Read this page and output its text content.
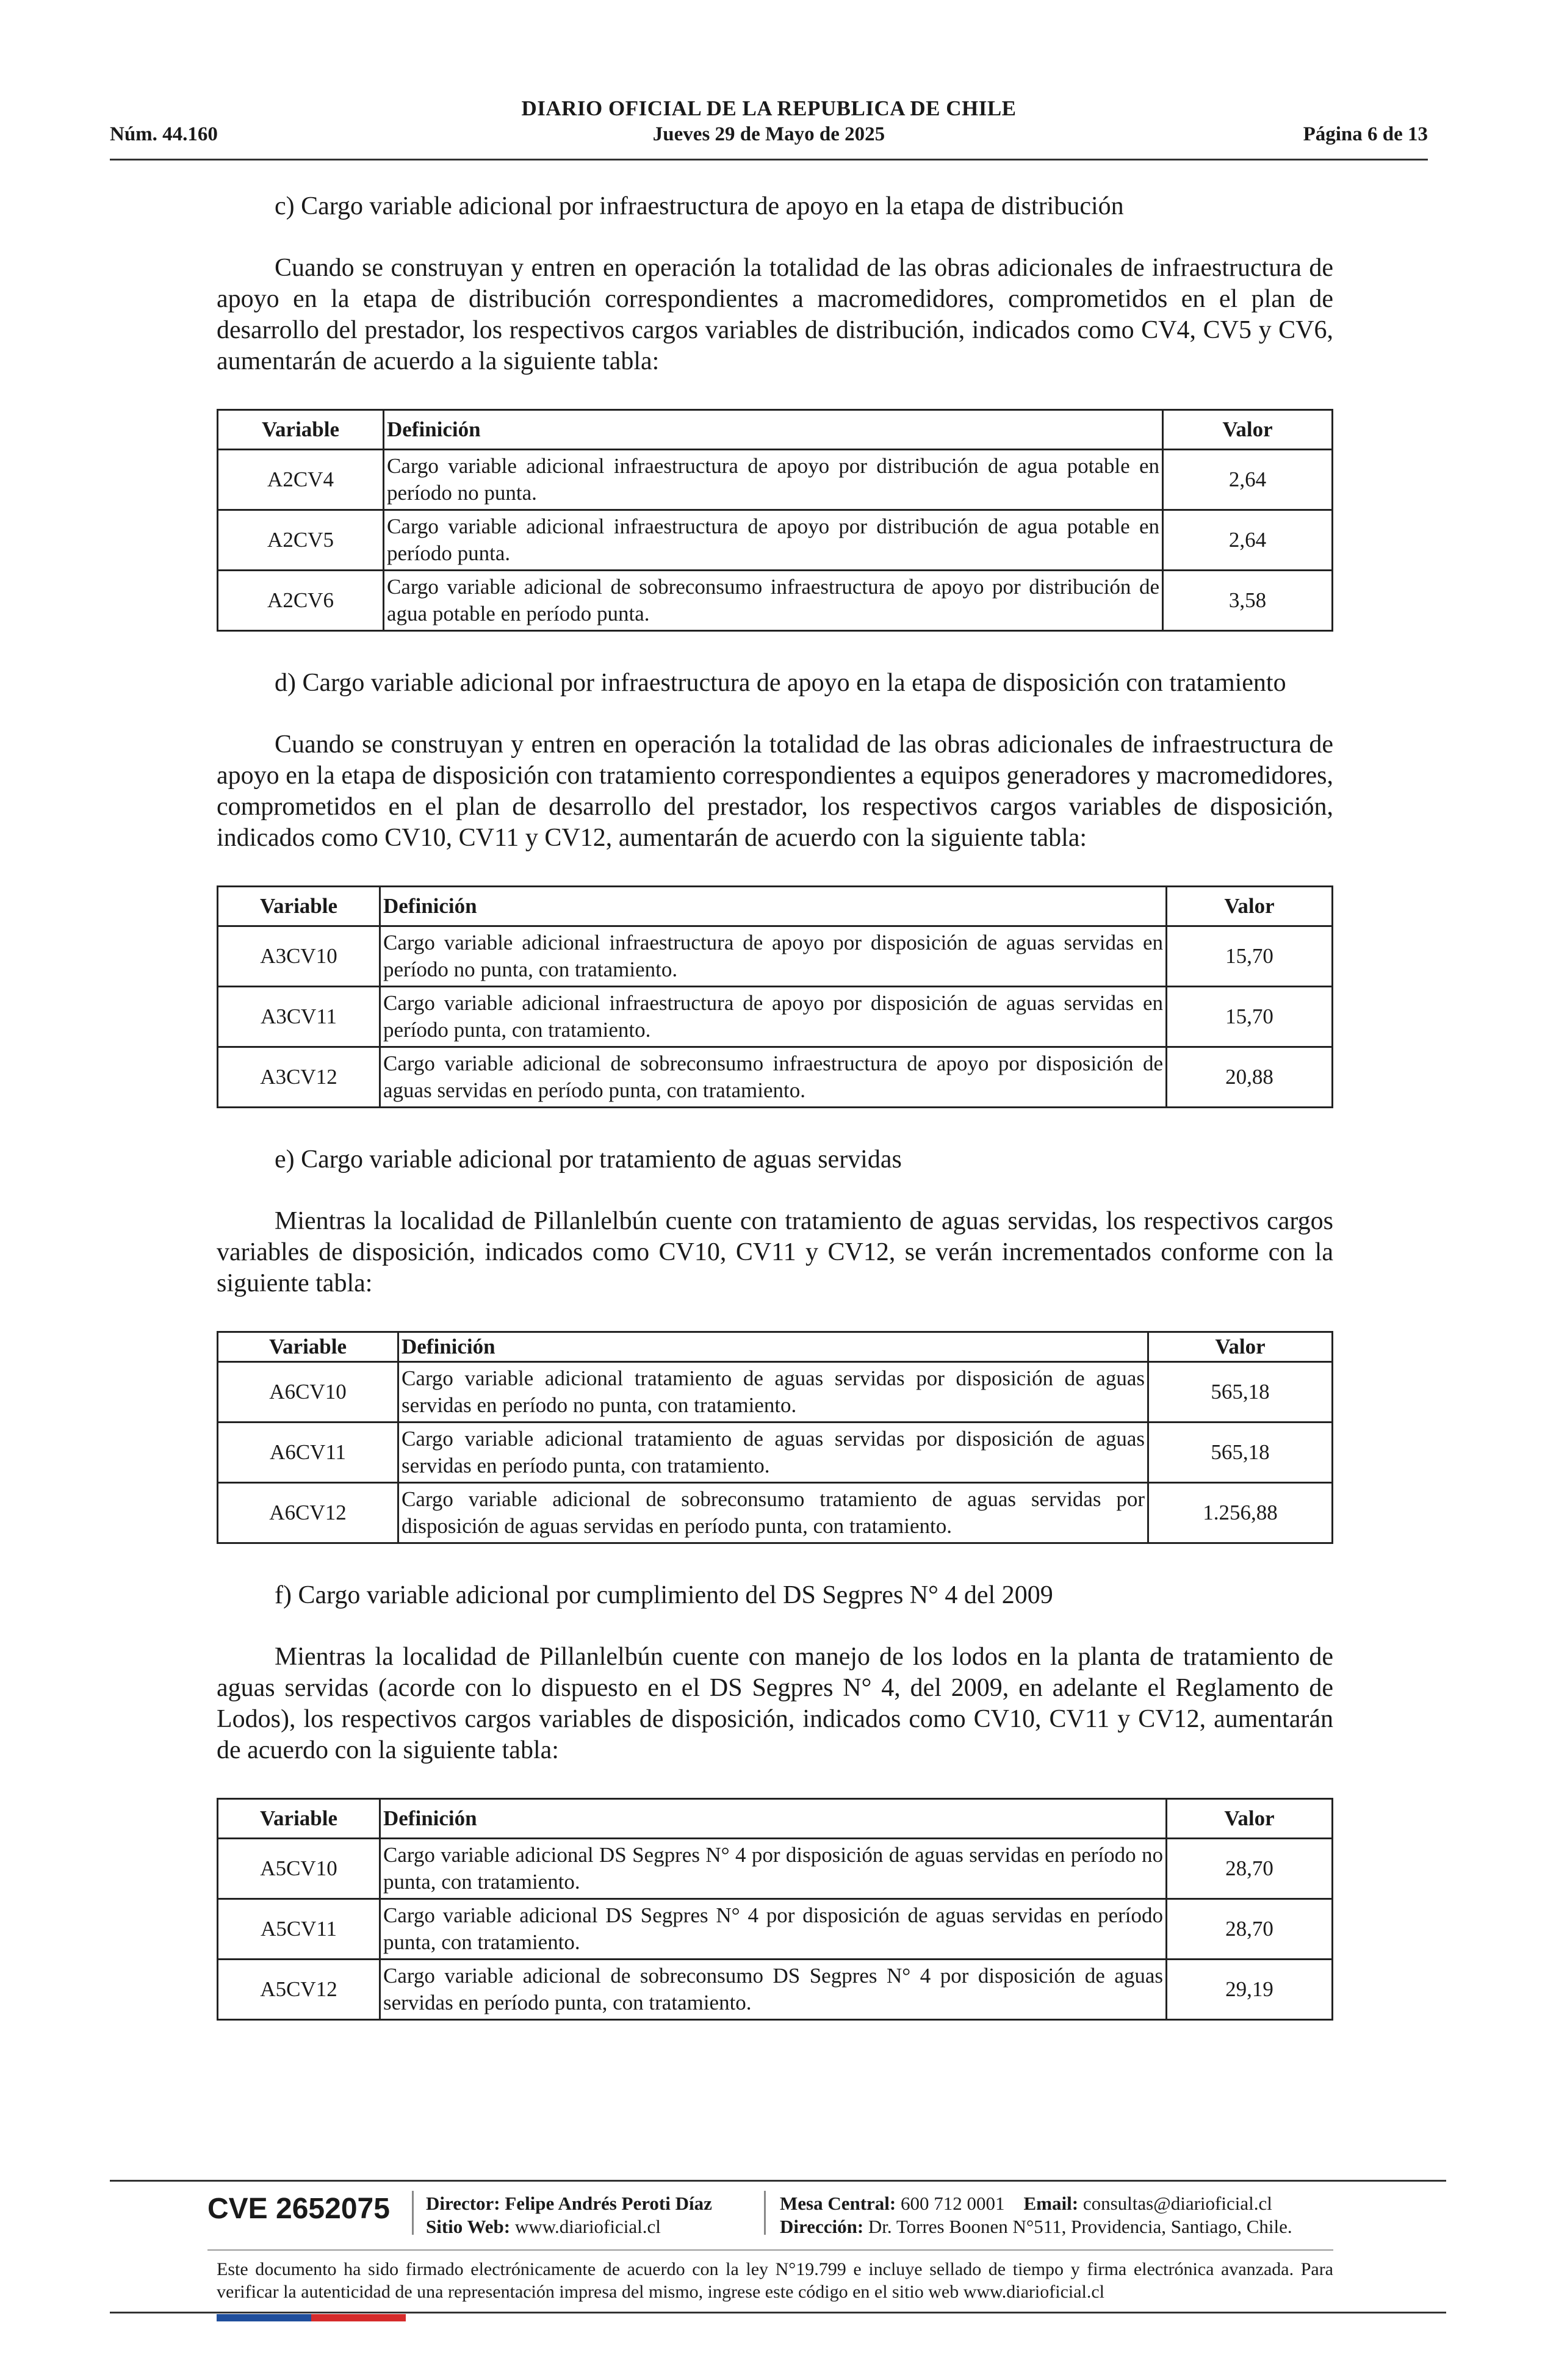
DIARIO OFICIAL DE LA REPUBLICA DE CHILE
Núm. 44.160	Jueves 29 de Mayo de 2025	Página 6 de 13

c) Cargo variable adicional por infraestructura de apoyo en la etapa de distribución

Cuando se construyan y entren en operación la totalidad de las obras adicionales de infraestructura de apoyo en la etapa de distribución correspondientes a macromedidores, comprometidos en el plan de desarrollo del prestador, los respectivos cargos variables de distribución, indicados como CV4, CV5 y CV6, aumentarán de acuerdo a la siguiente tabla:

Variable	Definición	Valor
A2CV4	Cargo variable adicional infraestructura de apoyo por distribución de agua potable en período no punta.	2,64
A2CV5	Cargo variable adicional infraestructura de apoyo por distribución de agua potable en período punta.	2,64
A2CV6	Cargo variable adicional de sobreconsumo infraestructura de apoyo por distribución de agua potable en período punta.	3,58

d) Cargo variable adicional por infraestructura de apoyo en la etapa de disposición con tratamiento

Cuando se construyan y entren en operación la totalidad de las obras adicionales de infraestructura de apoyo en la etapa de disposición con tratamiento correspondientes a equipos generadores y macromedidores, comprometidos en el plan de desarrollo del prestador, los respectivos cargos variables de disposición, indicados como CV10, CV11 y CV12, aumentarán de acuerdo con la siguiente tabla:

Variable	Definición	Valor
A3CV10	Cargo variable adicional infraestructura de apoyo por disposición de aguas servidas en período no punta, con tratamiento.	15,70
A3CV11	Cargo variable adicional infraestructura de apoyo por disposición de aguas servidas en período punta, con tratamiento.	15,70
A3CV12	Cargo variable adicional de sobreconsumo infraestructura de apoyo por disposición de aguas servidas en período punta, con tratamiento.	20,88

e) Cargo variable adicional por tratamiento de aguas servidas

Mientras la localidad de Pillanlelbún cuente con tratamiento de aguas servidas, los respectivos cargos variables de disposición, indicados como CV10, CV11 y CV12, se verán incrementados conforme con la siguiente tabla:

Variable	Definición	Valor
A6CV10	Cargo variable adicional tratamiento de aguas servidas por disposición de aguas servidas en período no punta, con tratamiento.	565,18
A6CV11	Cargo variable adicional tratamiento de aguas servidas por disposición de aguas servidas en período punta, con tratamiento.	565,18
A6CV12	Cargo variable adicional de sobreconsumo tratamiento de aguas servidas por disposición de aguas servidas en período punta, con tratamiento.	1.256,88

f) Cargo variable adicional por cumplimiento del DS Segpres N° 4 del 2009

Mientras la localidad de Pillanlelbún cuente con manejo de los lodos en la planta de tratamiento de aguas servidas (acorde con lo dispuesto en el DS Segpres N° 4, del 2009, en adelante el Reglamento de Lodos), los respectivos cargos variables de disposición, indicados como CV10, CV11 y CV12, aumentarán de acuerdo con la siguiente tabla:

Variable	Definición	Valor
A5CV10	Cargo variable adicional DS Segpres N° 4 por disposición de aguas servidas en período no punta, con tratamiento.	28,70
A5CV11	Cargo variable adicional DS Segpres N° 4 por disposición de aguas servidas en período punta, con tratamiento.	28,70
A5CV12	Cargo variable adicional de sobreconsumo DS Segpres N° 4 por disposición de aguas servidas en período punta, con tratamiento.	29,19
CVE 2652075 Director: Felipe Andrés Peroti Díaz
Sitio Web: www.diarioficial.cl
Mesa Central: 600 712 0001 Email: consultas@diarioficial.cl
Dirección: Dr. Torres Boonen N°511, Providencia, Santiago, Chile.
Este documento ha sido firmado electrónicamente de acuerdo con la ley N°19.799 e incluye sellado de tiempo y firma electrónica avanzada. Para verificar la autenticidad de una representación impresa del mismo, ingrese este código en el sitio web www.diarioficial.cl
